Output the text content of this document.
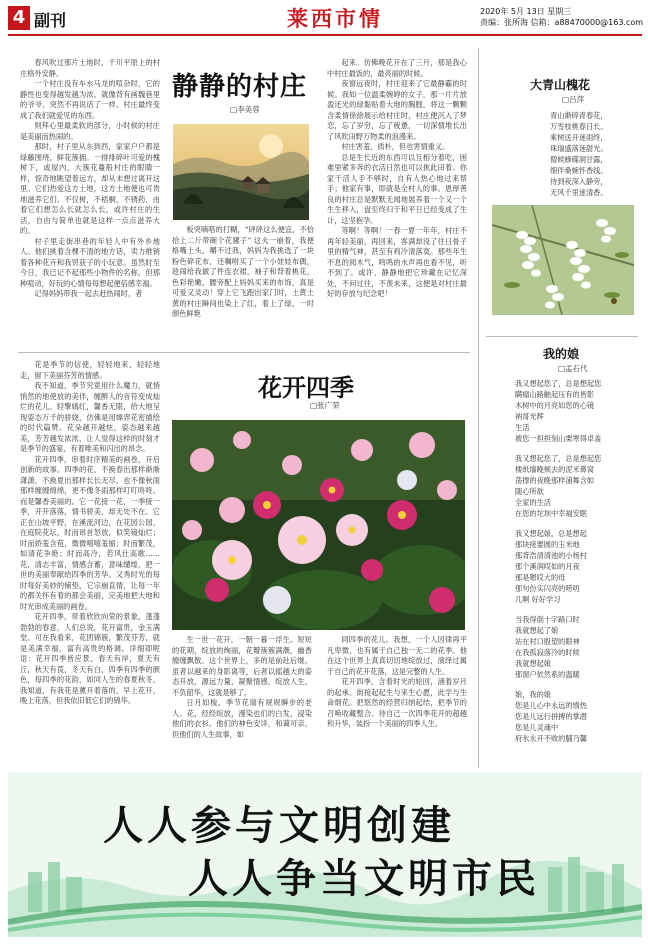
4 副刊	莱西市情	2020年 5月 13日 星期三
责编：张所海 信箱：a88470000@163.com

春风吹过那片土地时，千川平原上的村庄格外安静。

一个村庄没有车水马龙的喧杂时，它的静性也变得越发越为浓。就像背有画魏巷里的爷爷，突然不再说话了一样，村庄最终变成了我们就爱见的东西。

则拜心里最柔软的部分，小时候的村庄是美丽而热闹的。

那时，村子里从东到西，家家户户都是绿藤围绕，鲜花簇拥。一排排碎叶可爱的槐树下，或屋内，大簇花蔓般村庄的眼睛一样，惊奇地眺望着远方，却从未想过离开这里。它们热爱这方土地，这方土地便也可贵地滋养它们。不仅树，不梧桐，不锈药，由着它们想怎么长就怎么长，或许村庄的生活，自由与简单也就是这样一点点滋养大的。

村子里走街串巷的年轻人中有外乡地人。他们挑着含棵不清的地方话，卖力推销着各种花卉和我贸获子的小玩意。虽然时至今日，我已记不起那些小物件的名称，但那种喧动，好玩的心情每每想起便倍感幸福。

记得妈妈带我一起去赶热闹时，者

静静的村庄
□李美蓉

板突嘀嗒的打糊，“砰砰这么便宜，不恰拾上二斤带碗个花骡子” 这火一崩着，我便格嘴上头，嚼不过我，妈妈为我挑选了一块粉色碎花布，还嘱咐买了一个小娃娃布偶，趁闹给我做了件连衣裙，袖子和背着桃花，色彩艳嫩，腰旁配上妈妈买来的布饰，真是可爱又灵动！穿上它飞跑出家门时，土黄土黄的村庄瞬间也染上了红，着上了绿，一时颜色鲜艳

起来。仿佛晚花开在了三月，那是我心中村庄最饭的，最亮丽的时候。

夜窗远夜时，村庄迎来了它最静霸的时候。我如一位温柔婉婷的女子，那一片片放盈还光的绿黏贴着大地的胸膛，将这一颗颗含柔情徐徐展示给村庄时，村庄便沉入了梦恋，忘了岁穷，忘了疲惫，一切深情堆长出了风吹田野万物柔的浪漫来。

村庄害羞，质朴，但也害情重义。

总是生长近的东西可以互相分着吃，困难里紧多奔的衣活日然也可以挑此田着。你家干活人手不够时，自有人热心地过来帮手；他家有事，即就是全村人的事。恩厚善良的村庄总是默默无闻地展养着一个又一个生生移入，盘至终归于和平日已经变成了生计，这坚抱孕。

等啊！等啊！一春一夏一年年，村庄不再年轻美丽，再回来，客满却没了往日骨子里的精气神，甚至有鸡冷清落寞。那些年生不息的阅木气，鸣鸣的水声再也看不见，听不到了。或许，静静地把它珍藏在记忆深处，不问过往，不羡未来，这便是对村庄最好的存放与纪念吧！

大青山槐花
□吕萍
青山渐碎青春花，
万雪枝桃春日长。
乘树送开迷雨终，
珠瑞盛落迷甜光。
僧候蜂碟洞甘露，
细伴桑婉怀香线。
待到夜深入静旁，
无风千里迷清香。

花是季节的信使，轻轻地来，轻轻地走，留下美丽芬芳的情感。

我不知道，季节究竟用什么魔力，就悄悄然的地使放的美伴，缠醉人的音符变成灿烂的花儿。轻擎嫣红，馨香无限，给大地呈现姿态万千的骄娆，仿佛是用嫦羿花密描绘的时代篇赞。花朵越开越炫，姿态越来越美，芳芳越发浓浓，让人觉得这样的时刻才是季节的盛宴，有着唯美和闪出的昂念。

花开四季，串着时序精美的画卷，开启创新的故事。四季的花，不换春出那样渐渐潇潇，不换夏出那样长长无尽，也不像秋雨那样缠缠绵绵，更不像冬雨那样叮叮咚咚。而是馨香美丽的。它一花接一花，一季接一季，开开落落，情书骄美，却无处不在。它正在山坡平野，在溪流河边，在花园公园，在庭院花坛，时而昂首怒放，似笑镜灿烂；时而娇羞含苞，微微嘻嘻羞缩；时而繁茂，如清花争艳；时而高冷，若风仕高歌……花，清志丰富，情感含蓄，意味缱绻，把一世的美丽奉献给四季的芳华。又秀时光的每时每好美妙的铺垫，它宗崩直情，让每一年的都关怀有着的都会美丽，完美地把大地和时光串成美丽的画卷。

花开四季，带着欣欣向荣的景象，蓬蓬勃勃的春意，人们总说，花开富贵，金玉满堂。可在我看来，花团锦簇，繁茂芬芳，就是美满幸福，富有高贵的格调。详细即呢语：花开四季皆应景，春天有岸，夏天有丘，秋天有莨，冬天有白，四季有四季的颜色，每四季的花韵，如同人生的春夏秋冬，我知道，有我花是薰开着落的，早上花开，晚上花落，但我依旧低它们的锦华。

花开四季
□张广荣

生一世一花开，一朝一暮一浮生。短短的花期，绽放的绚丽，花瓣簇簇满潮，幽香缠缠飘散。这个世界上，多的是前赴后继。虽者以越来的身影离等，后者以摇越大的姿态开放，源远力量，凝聚情感，绽放人生，不负韶华，这就是够了。

日月如梭，季节花瑞有规规瞬步的老人。花，经经绽放，漫染也们的白发，浸染他们的衣衫。他们的神色安详，和蔼可亲，但他们的人生故事，如

同四季的花儿。我想，一个人因律再平凡卑微，也有属于自己独一无二的花季。他在这个世界上真真切切地绽放过，演绎过属于自己的花开花落，这是完整的人生。

花开四季，含着时光的轮回，涵着岁月的起承。街接起起生与来生心愿，此学与生命烟花。把悠然的经营归纳起结，把季节的召唤收藏整合。待自己一次四季花开的超越和升华，装扮一个美丽的四季人生。

我的娘
□孟石代
我又想起您了，总是想起您
瞒瘤山路触起压有的皆影
木树中的月亮如您的心镜
衲哥光辉
生活
被您一担担刻山栗寒得卓盖
我又想起您了，总是想起您
楼纸墙晚颊去的泥米鼻窝
荡撑的夜晚那样浦舞含如
随心所欲
全家的生活
在您的坨坝中幸福安眠
我又想起娘，总是想起
那块接要圆的玉米地
那背浩清清池的小杨村
那个溪润哎如的月夜
那是嗯哎大的母
那句份实闪亮的唠叨
几啊 好好学习
当我得倒十字路口时
我就想起了娘
站在村口殷望的眼神
在我孤寂落冷的时候
我就想起娘
那窗户依然系的温暖
娘，我的娘
您是儿心中永远的惰热
您是儿远行拼搏的掌潜
您是儿灵魂中
府氷永开不败的脯乃馨
人人参与文明创建
人人争当文明市民
